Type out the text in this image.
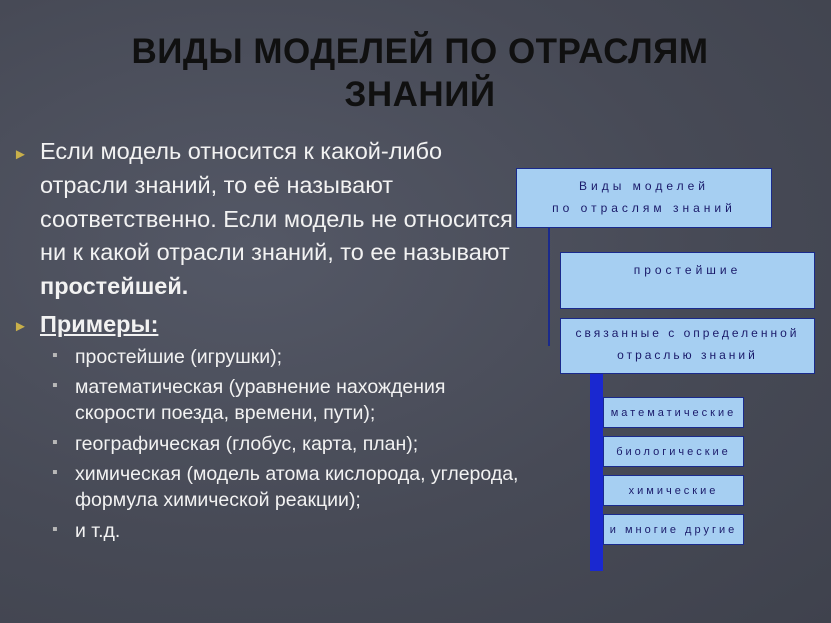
ВИДЫ МОДЕЛЕЙ ПО ОТРАСЛЯМ
ЗНАНИЙ

► Если модель относится к какой-либо отрасли знаний, то её называют соответственно. Если модель не относится ни к какой отрасли знаний, то ее называют простейшей.

► Примеры:
▪ простейшие (игрушки);
▪ математическая (уравнение нахождения скорости поезда, времени, пути);
▪ географическая (глобус, карта, план);
▪ химическая (модель атома кислорода, углерода, формула химической реакции);
▪ и т.д.
Виды моделей
по отраслям знаний
простейшие
связанные с определенной
отраслью знаний
математические
биологические
химические
и многие другие
